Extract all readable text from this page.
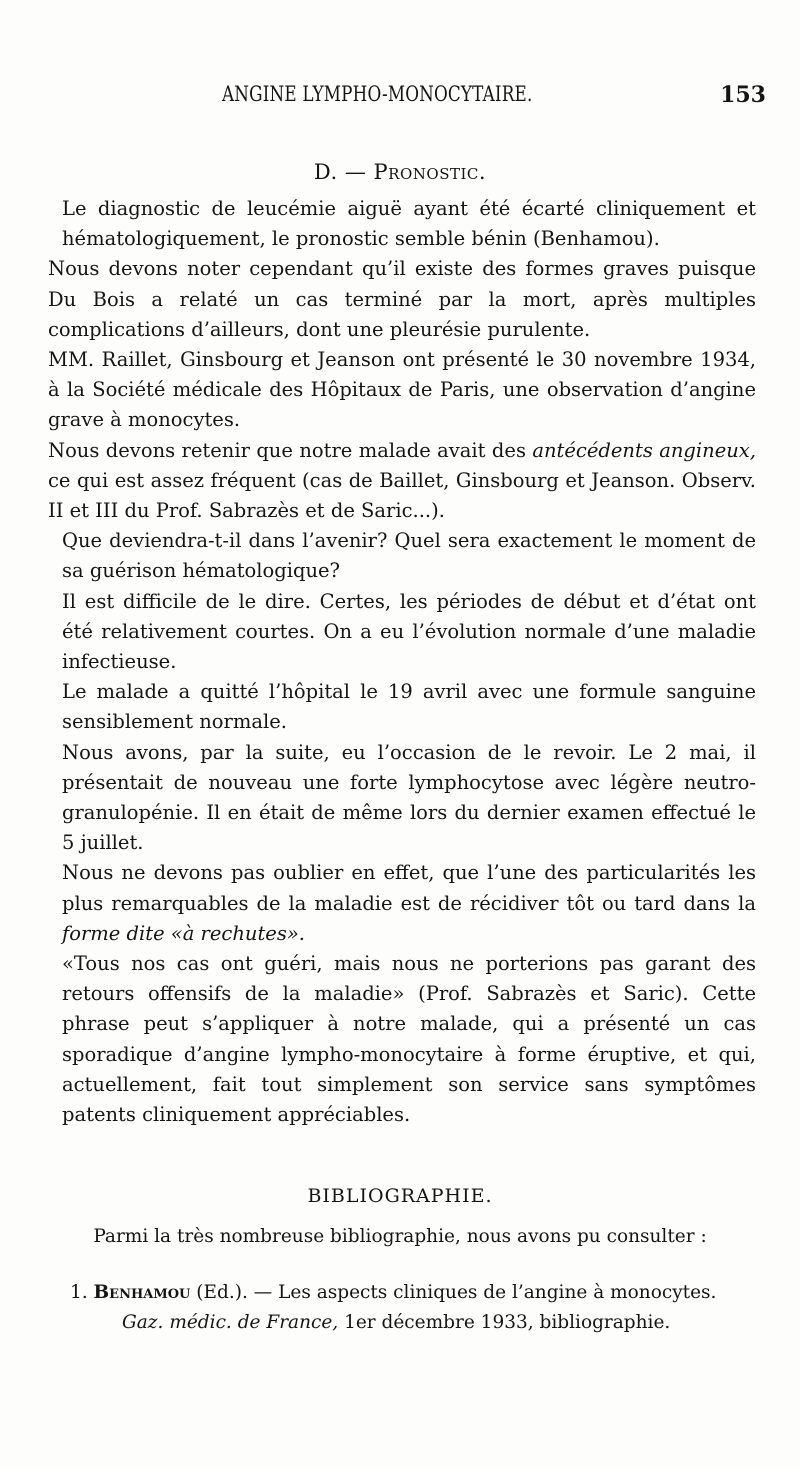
ANGINE LYMPHO-MONOCYTAIRE.	153
D. — Pronostic.

Le diagnostic de leucémie aiguë ayant été écarté cliniquement et hématologiquement, le pronostic semble bénin (Benhamou).

Nous devons noter cependant qu’il existe des formes graves puisque Du Bois a relaté un cas terminé par la mort, après multiples complications d’ailleurs, dont une pleurésie purulente.

MM. Raillet, Ginsbourg et Jeanson ont présenté le 30 novembre 1934, à la Société médicale des Hôpitaux de Paris, une observation d’angine grave à monocytes.

Nous devons retenir que notre malade avait des antécédents angineux, ce qui est assez fréquent (cas de Baillet, Ginsbourg et Jeanson. Observ. II et III du Prof. Sabrazès et de Saric...).

Que deviendra-t-il dans l’avenir? Quel sera exactement le moment de sa guérison hématologique?

Il est difficile de le dire. Certes, les périodes de début et d’état ont été relativement courtes. On a eu l’évolution normale d’une maladie infectieuse.

Le malade a quitté l’hôpital le 19 avril avec une formule sanguine sensiblement normale.

Nous avons, par la suite, eu l’occasion de le revoir. Le 2 mai, il présentait de nouveau une forte lymphocytose avec légère neutro-granulopénie. Il en était de même lors du dernier examen effectué le 5 juillet.

Nous ne devons pas oublier en effet, que l’une des particularités les plus remarquables de la maladie est de récidiver tôt ou tard dans la forme dite «à rechutes».

«Tous nos cas ont guéri, mais nous ne porterions pas garant des retours offensifs de la maladie» (Prof. Sabrazès et Saric). Cette phrase peut s’appliquer à notre malade, qui a présenté un cas sporadique d’angine lympho-monocytaire à forme éruptive, et qui, actuellement, fait tout simplement son service sans symptômes patents cliniquement appréciables.

BIBLIOGRAPHIE.
Parmi la très nombreuse bibliographie, nous avons pu consulter :
1. Benhamou (Ed.). — Les aspects cliniques de l’angine à monocytes.
Gaz. médic. de France, 1er décembre 1933, bibliographie.
